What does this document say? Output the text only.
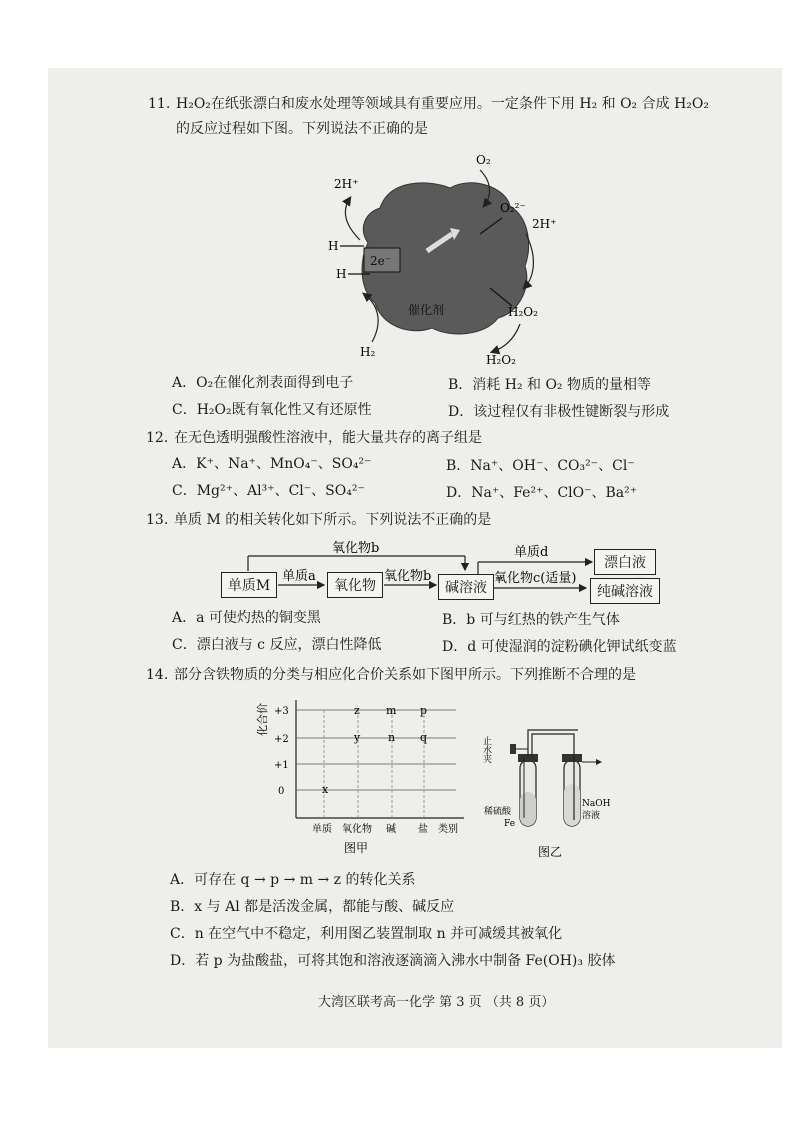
11. H₂O₂在纸张漂白和废水处理等领域具有重要应用。一定条件下用 H₂ 和 O₂ 合成 H₂O₂
的反应过程如下图。下列说法不正确的是
2e⁻
H
H
2H⁺
H₂
O₂
O₂²⁻
2H⁺
催化剂	H₂O₂
H₂O₂
A．O₂在催化剂表面得到电子	B．消耗 H₂ 和 O₂ 物质的量相等
C．H₂O₂既有氧化性又有还原性	D．该过程仅有非极性键断裂与形成
12. 在无色透明强酸性溶液中，能大量共存的离子组是
A．K⁺、Na⁺、MnO₄⁻、SO₄²⁻	B．Na⁺、OH⁻、CO₃²⁻、Cl⁻
C．Mg²⁺、Al³⁺、Cl⁻、SO₄²⁻	D．Na⁺、Fe²⁺、ClO⁻、Ba²⁺
13. 单质 M 的相关转化如下所示。下列说法不正确的是
氧化物b
单质a	氧化物b
单质d
氧化物c(适量)
单质M	氧化物	碱溶液
漂白液
纯碱溶液
A．a 可使灼热的铜变黑	B．b 可与红热的铁产生气体
C．漂白液与 c 反应，漂白性降低	D．d 可使湿润的淀粉碘化钾试纸变蓝
14. 部分含铁物质的分类与相应化合价关系如下图甲所示。下列推断不合理的是
化合价 +3
+2
+1
0
z m p
y	n q
x
单质 氧化物 碱 盐 类别
图甲
止水夹
稀硫酸
Fe
NaOH
溶液
图乙
A．可存在 q → p → m → z 的转化关系
B．x 与 Al 都是活泼金属，都能与酸、碱反应
C．n 在空气中不稳定，利用图乙装置制取 n 并可减缓其被氧化
D．若 p 为盐酸盐，可将其饱和溶液逐滴滴入沸水中制备 Fe(OH)₃ 胶体
大湾区联考高一化学 第 3 页 （共 8 页）
